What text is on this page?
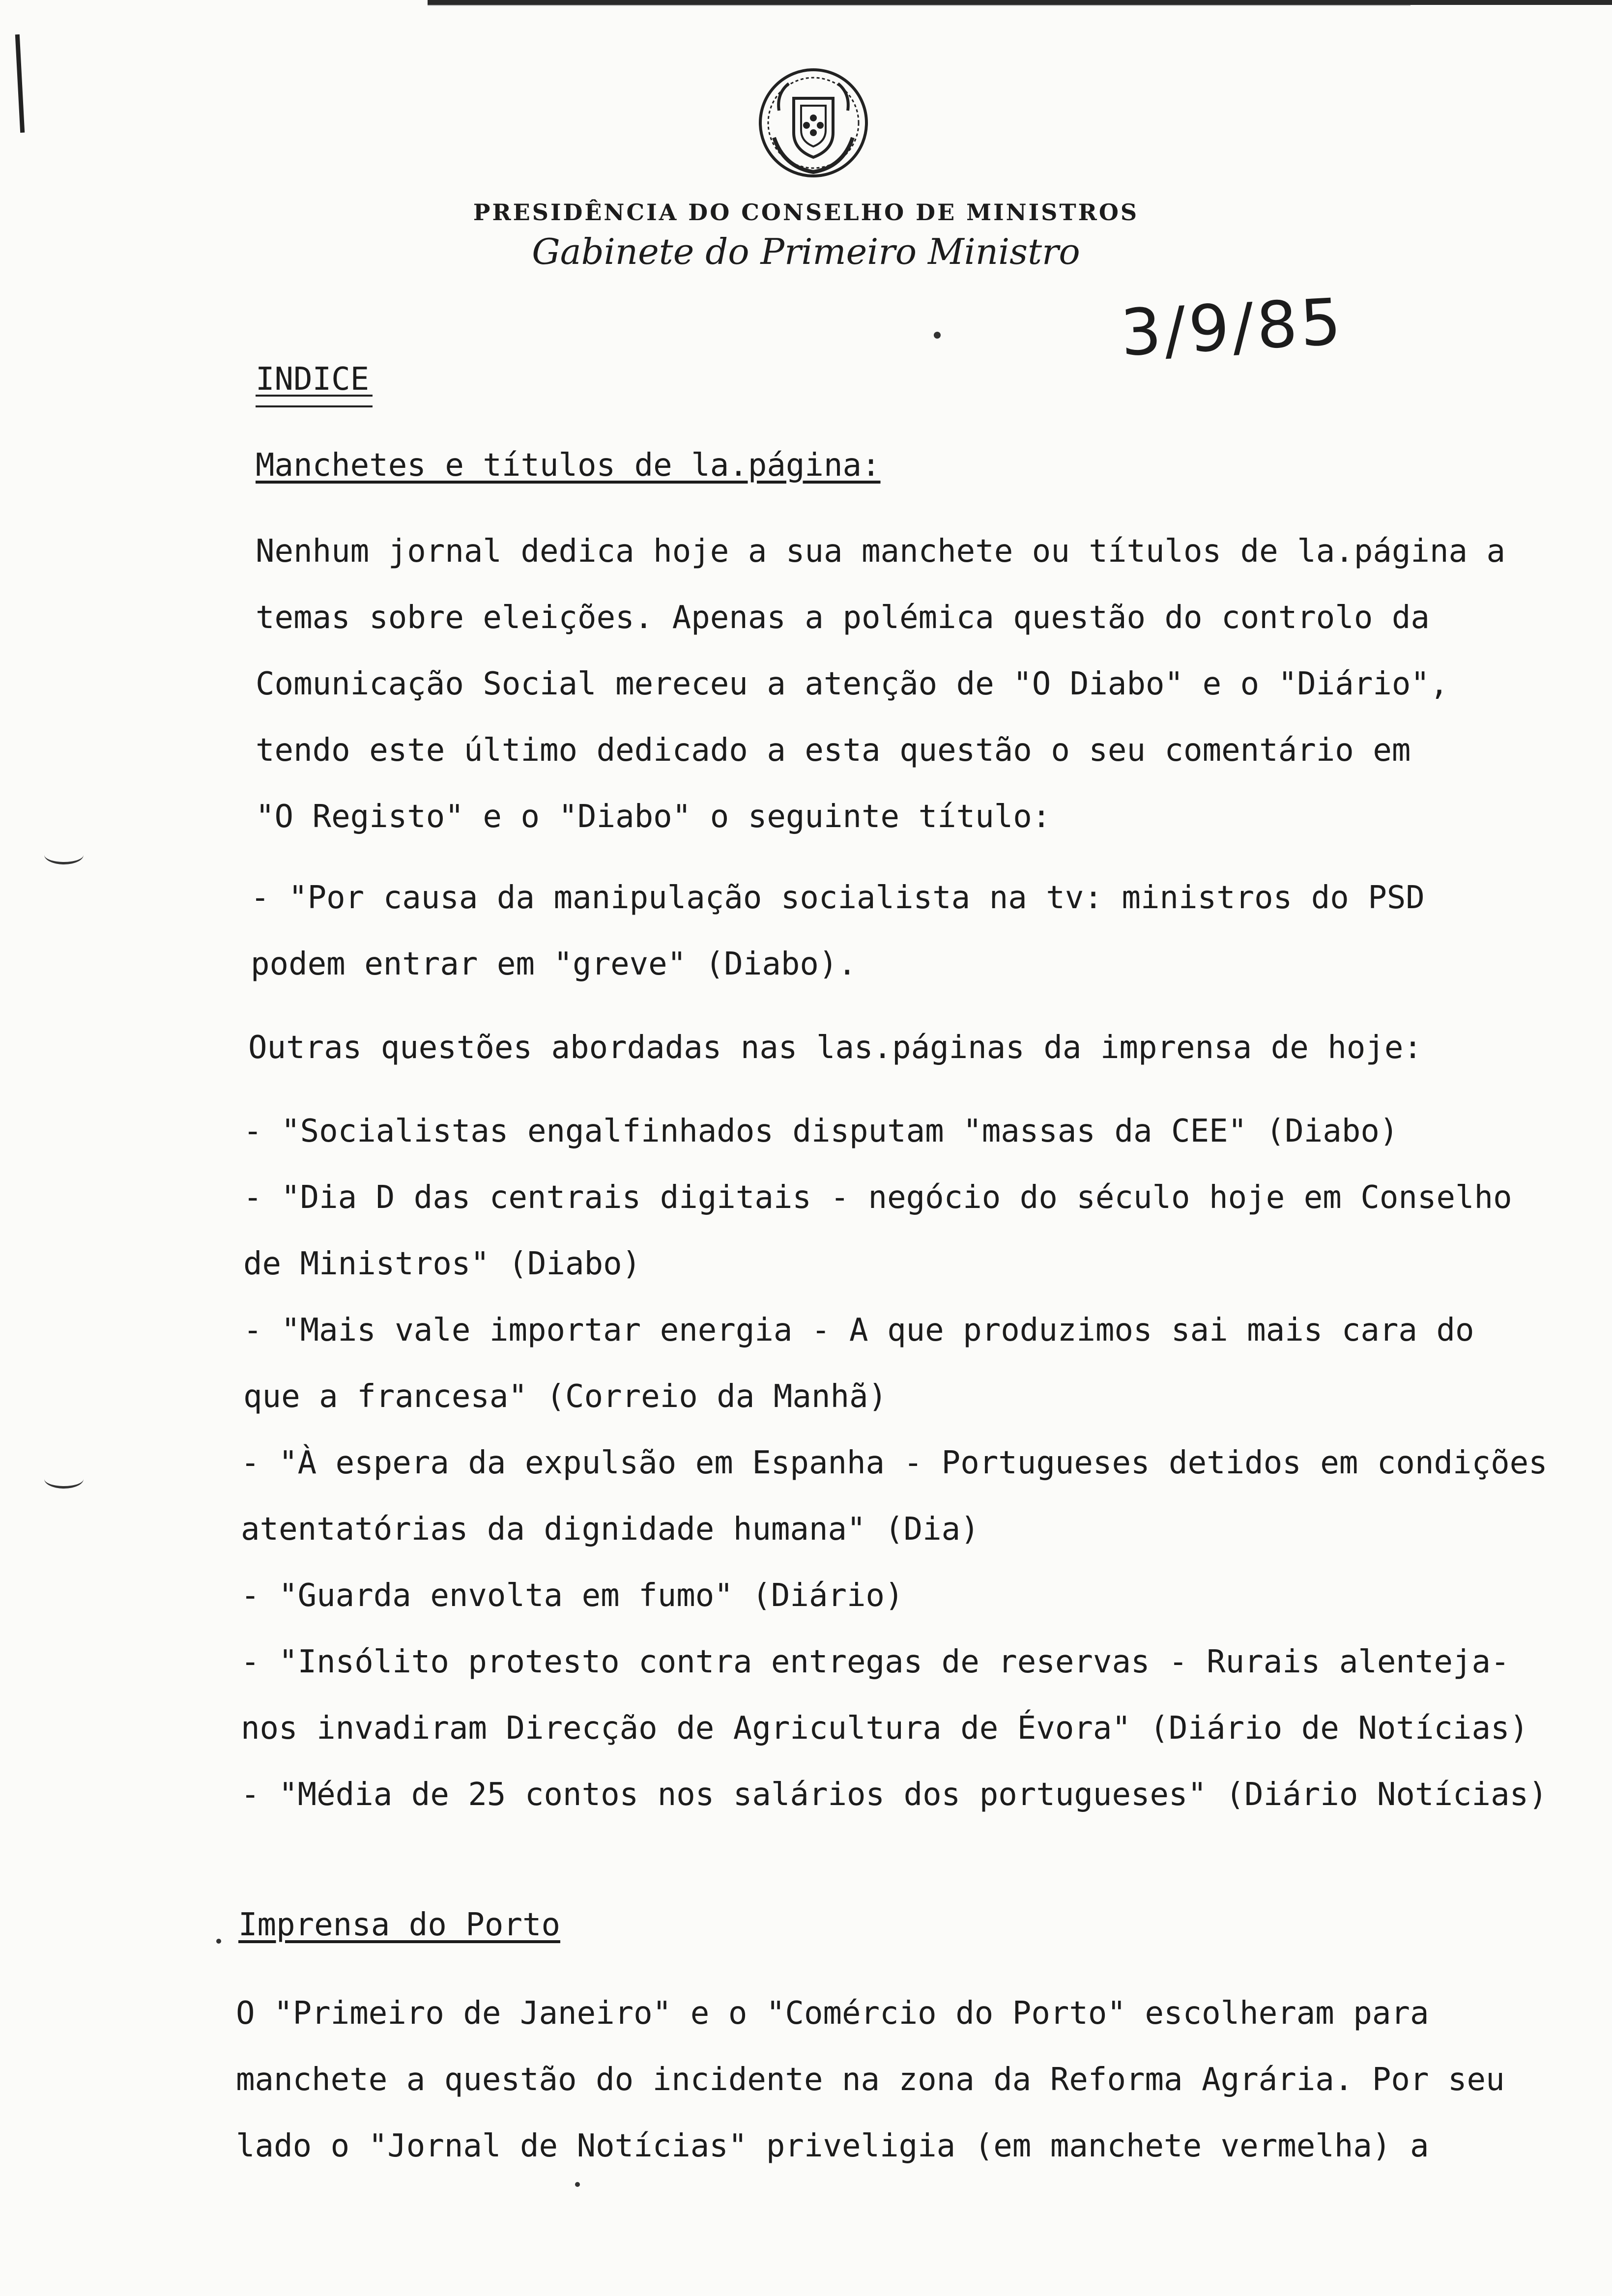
PRESIDÊNCIA DO CONSELHO DE MINISTROS
Gabinete do Primeiro Ministro
3/9/85
INDICE
Manchetes e títulos de la.página:
Nenhum jornal dedica hoje a sua manchete ou títulos de la.página a
temas sobre eleições. Apenas a polémica questão do controlo da
Comunicação Social mereceu a atenção de "O Diabo" e o "Diário",
tendo este último dedicado a esta questão o seu comentário em
"O Registo" e o "Diabo" o seguinte título:
- "Por causa da manipulação socialista na tv: ministros do PSD
podem entrar em "greve" (Diabo).
Outras questões abordadas nas las.páginas da imprensa de hoje:
- "Socialistas engalfinhados disputam "massas da CEE" (Diabo)
- "Dia D das centrais digitais - negócio do século hoje em Conselho
de Ministros" (Diabo)
- "Mais vale importar energia - A que produzimos sai mais cara do
que a francesa" (Correio da Manhã)
- "À espera da expulsão em Espanha - Portugueses detidos em condições
atentatórias da dignidade humana" (Dia)
- "Guarda envolta em fumo" (Diário)
- "Insólito protesto contra entregas de reservas - Rurais alenteja-
nos invadiram Direcção de Agricultura de Évora" (Diário de Notícias)
- "Média de 25 contos nos salários dos portugueses" (Diário Notícias)
Imprensa do Porto
O "Primeiro de Janeiro" e o "Comércio do Porto" escolheram para
manchete a questão do incidente na zona da Reforma Agrária. Por seu
lado o "Jornal de Notícias" priveligia (em manchete vermelha) a
